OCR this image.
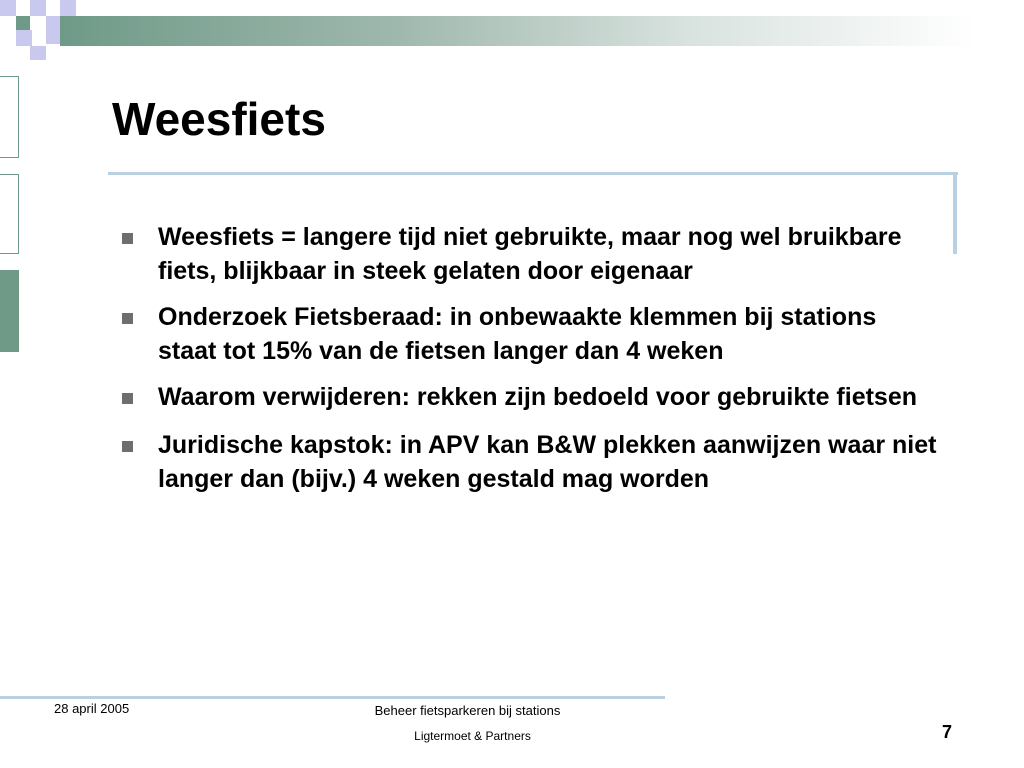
Weesfiets
Weesfiets = langere tijd niet gebruikte, maar nog wel bruikbare fiets, blijkbaar in steek gelaten door eigenaar
Onderzoek Fietsberaad: in onbewaakte klemmen bij stations staat tot 15% van de fietsen langer dan 4 weken
Waarom verwijderen: rekken zijn bedoeld voor gebruikte fietsen
Juridische kapstok: in APV kan B&W plekken aanwijzen waar niet langer dan (bijv.) 4 weken gestald mag worden
28 april 2005	Beheer fietsparkeren bij stations
Ligtermoet & Partners	7
